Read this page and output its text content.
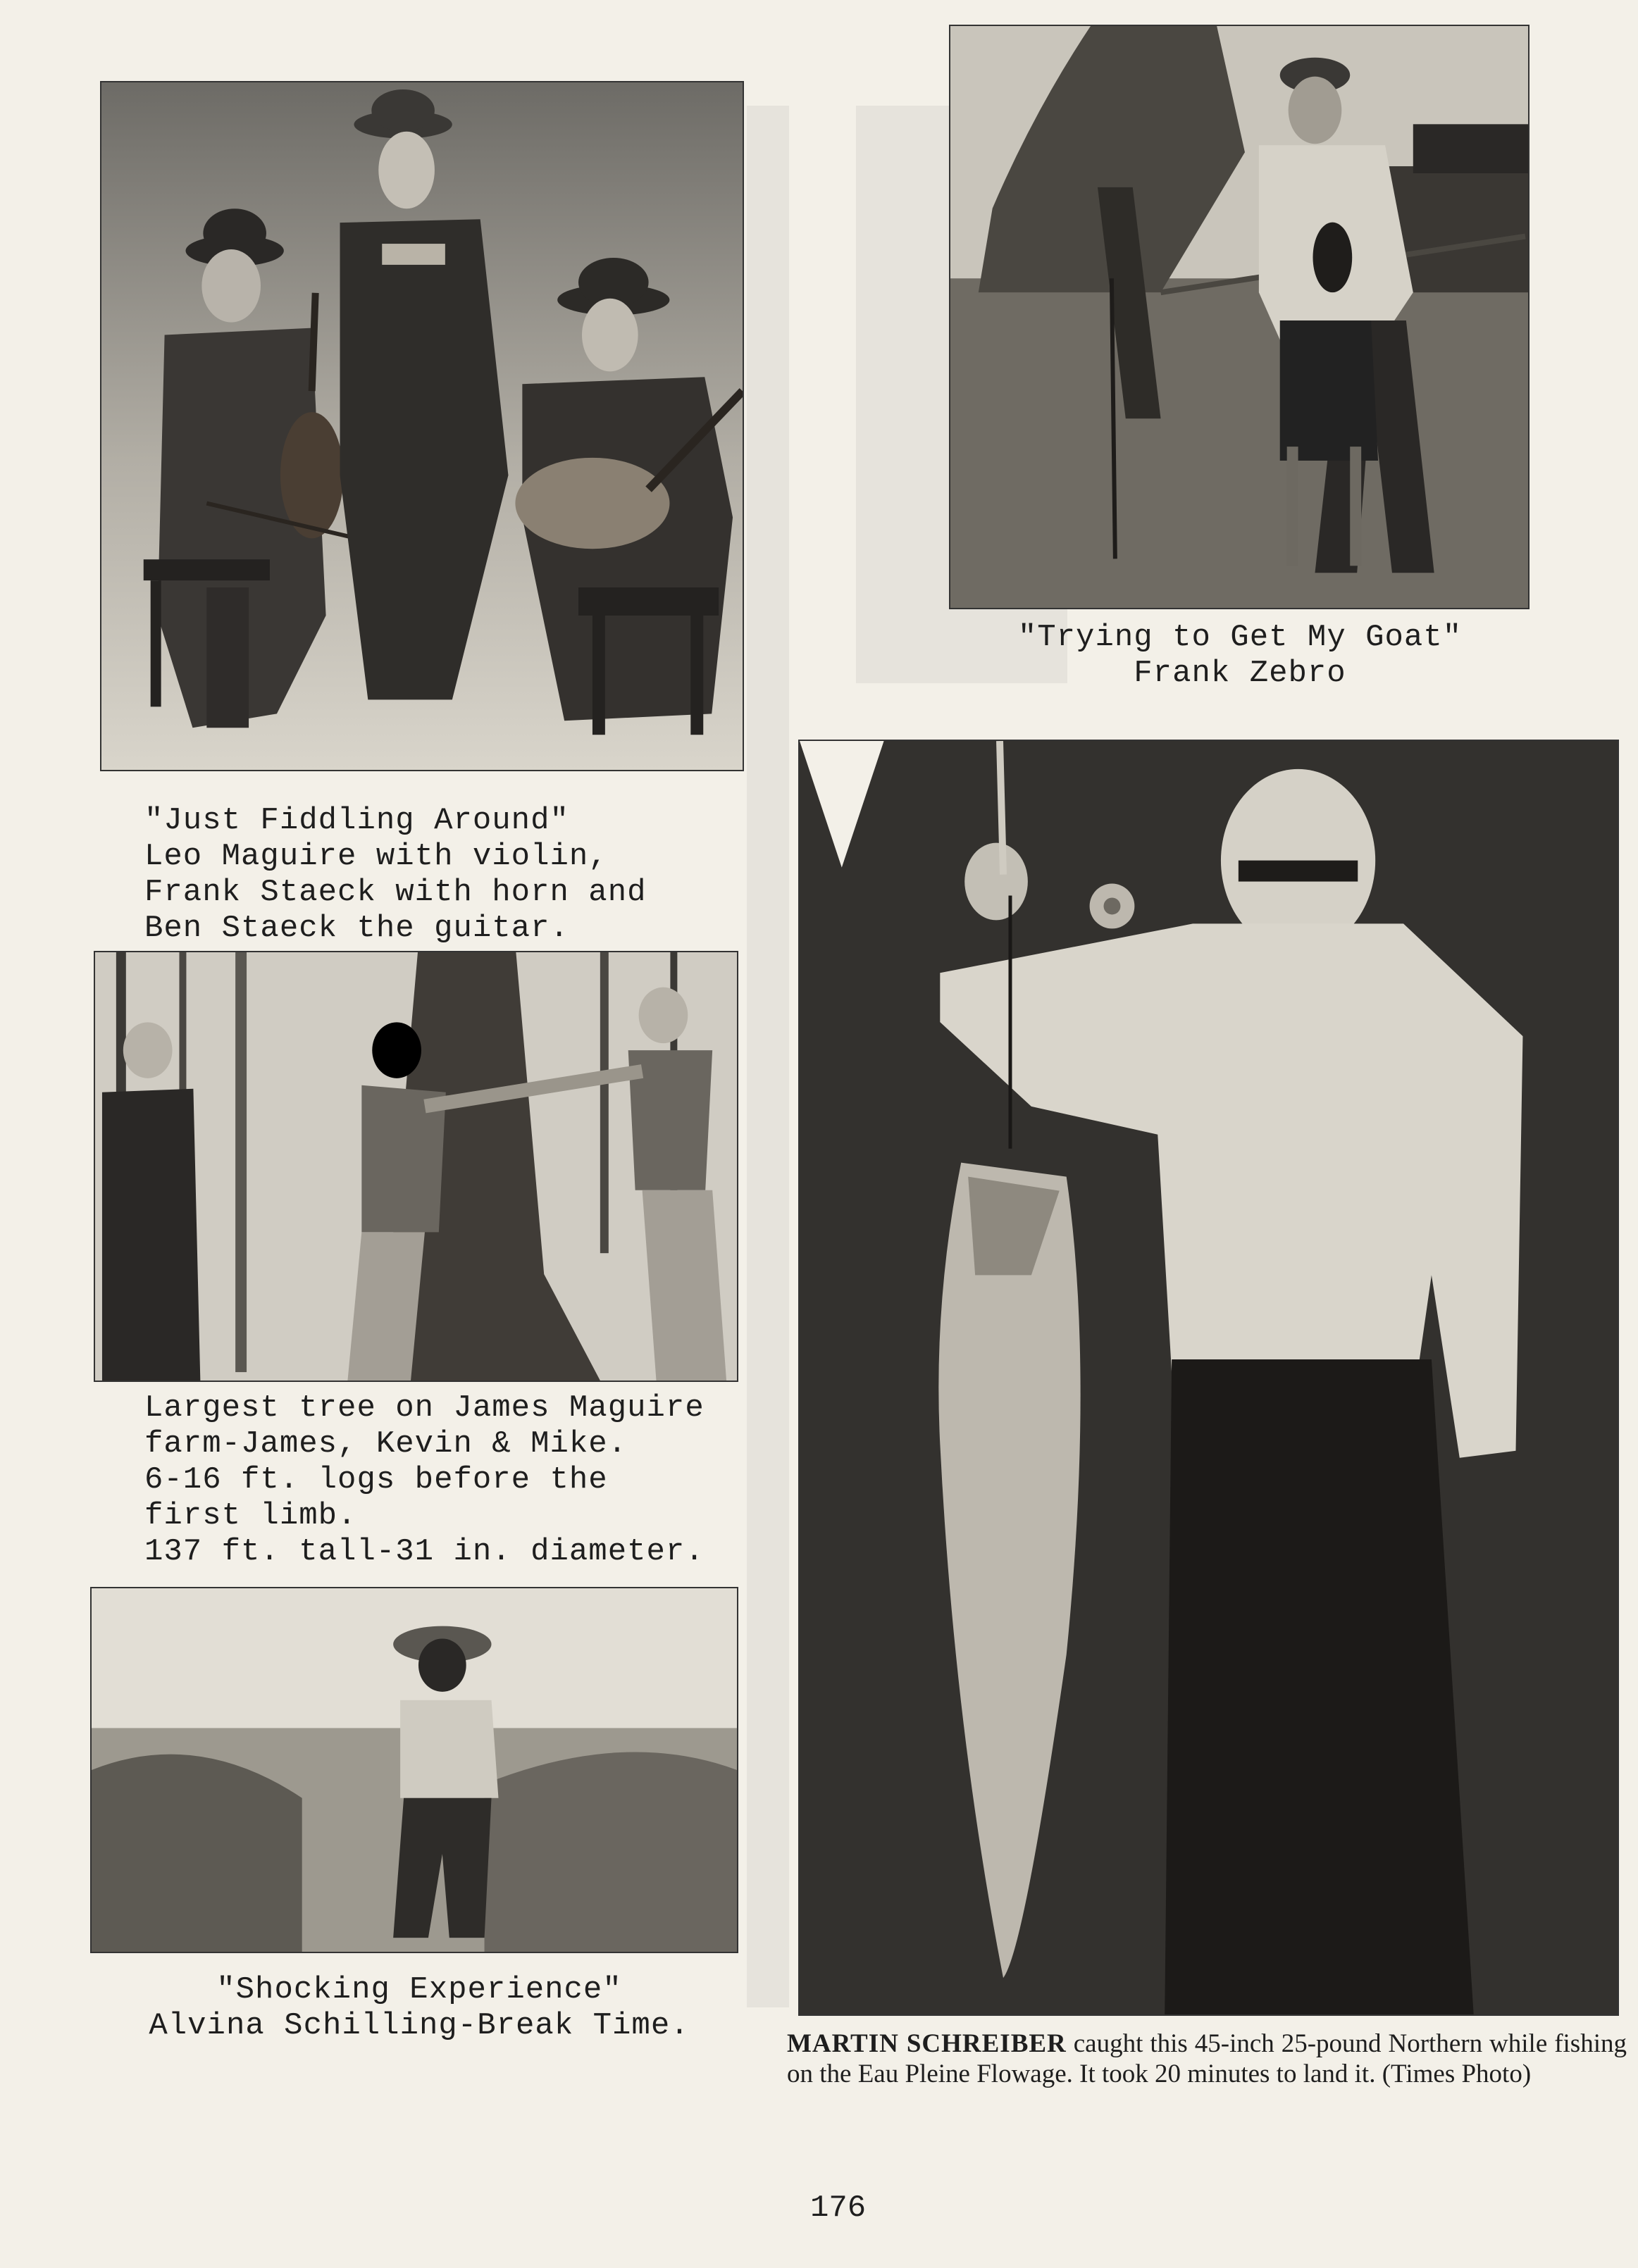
"Just Fiddling Around"
Leo Maguire with violin,
Frank Staeck with horn and
Ben Staeck the guitar.

"Trying to Get My Goat"
Frank Zebro

Largest tree on James Maguire
farm-James, Kevin & Mike.
6-16 ft. logs before the
first limb.
137 ft. tall-31 in. diameter.

"Shocking Experience"
Alvina Schilling-Break Time.

MARTIN SCHREIBER caught this 45-inch 25-pound Northern while fishing on the Eau Pleine Flowage. It took 20 minutes to land it. (Times Photo)

176
